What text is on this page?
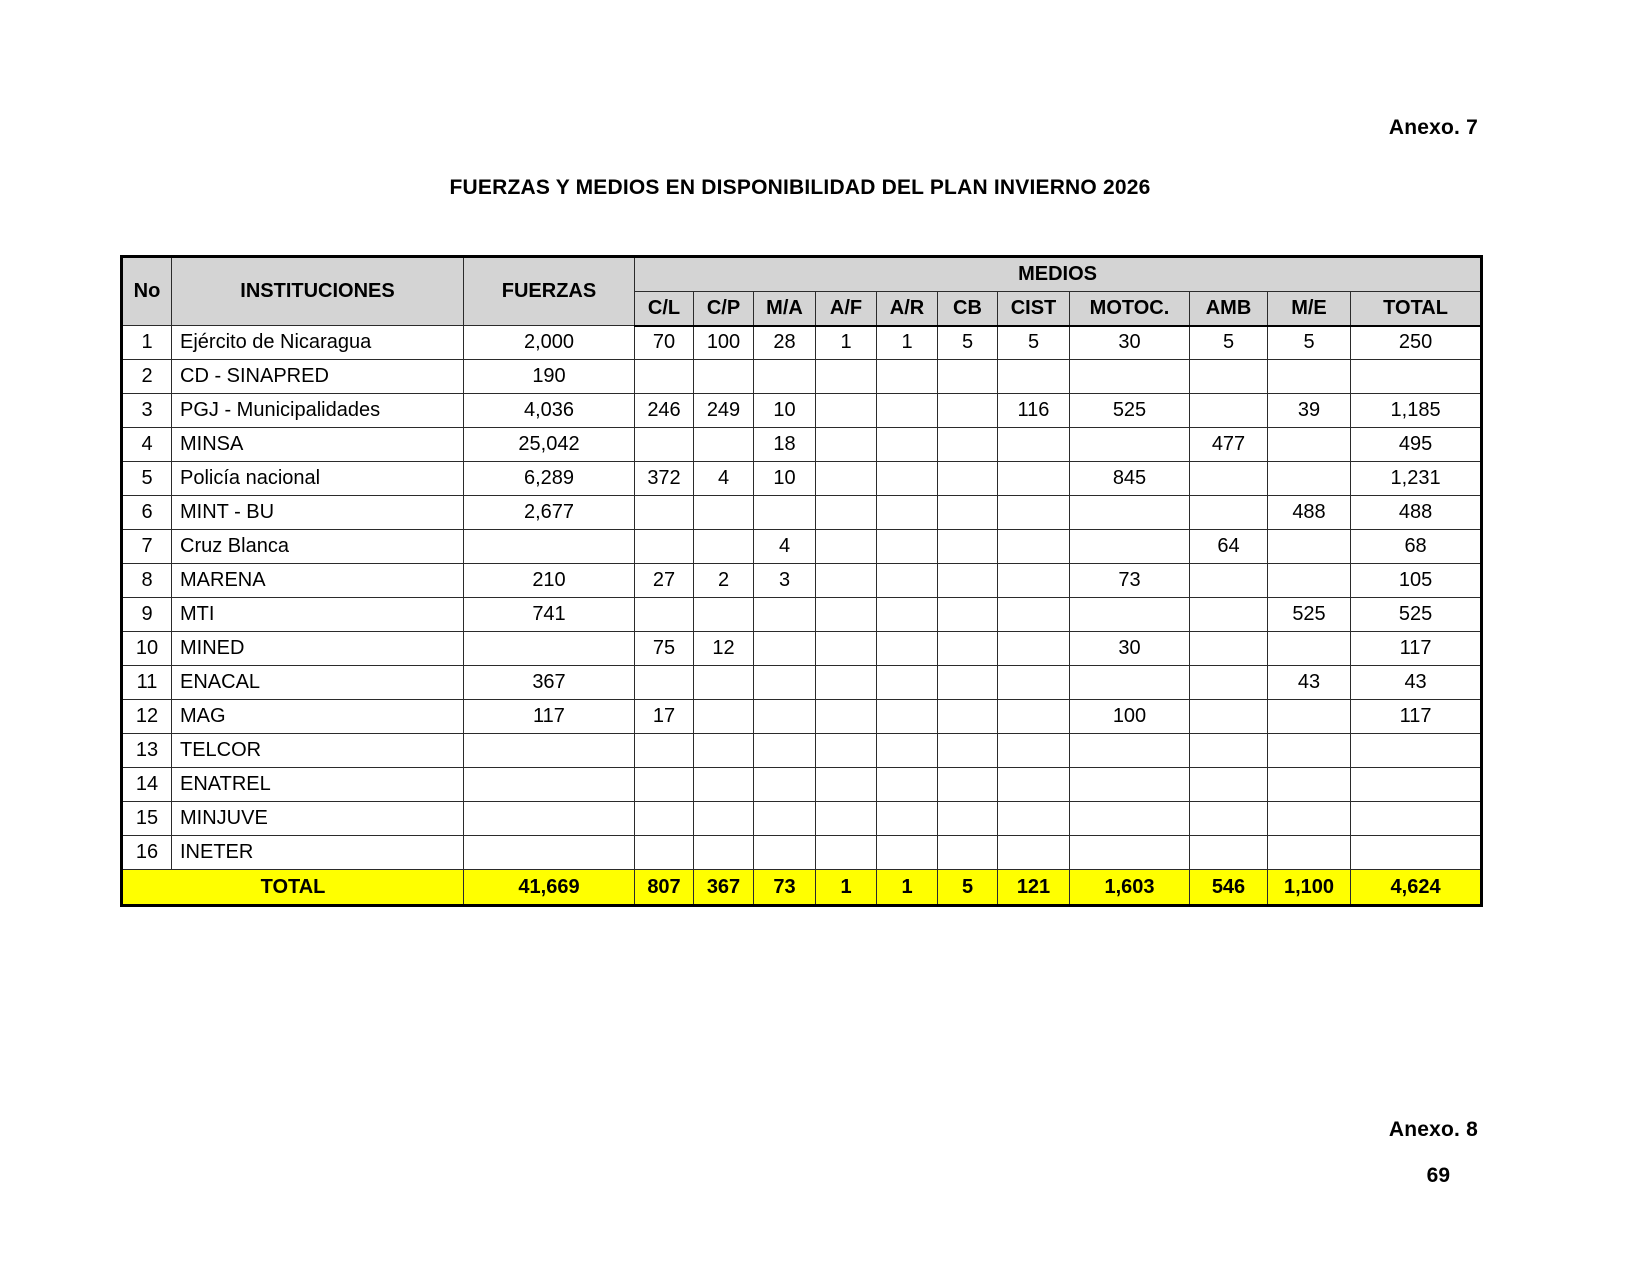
Anexo. 7
FUERZAS Y MEDIOS EN DISPONIBILIDAD DEL PLAN INVIERNO 2026
No	INSTITUCIONES	FUERZAS	MEDIOS										
			C/L	C/P	M/A	A/F	A/R	CB	CIST	MOTOC.	AMB	M/E	TOTAL
1	Ejército de Nicaragua	2,000	70	100	28	1	1	5	5	30	5	5	250
2	CD - SINAPRED	190											
3	PGJ - Municipalidades	4,036	246	249	10				116	525		39	1,185
4	MINSA	25,042			18						477		495
5	Policía nacional	6,289	372	4	10					845			1,231
6	MINT - BU	2,677										488	488
7	Cruz Blanca				4						64		68
8	MARENA	210	27	2	3					73			105
9	MTI	741										525	525
10	MINED		75	12						30			117
11	ENACAL	367										43	43
12	MAG	117	17							100			117
13	TELCOR												
14	ENATREL												
15	MINJUVE												
16	INETER												
TOTAL		41,669	807	367	73	1	1	5	121	1,603	546	1,100	4,624
Anexo. 8
69
